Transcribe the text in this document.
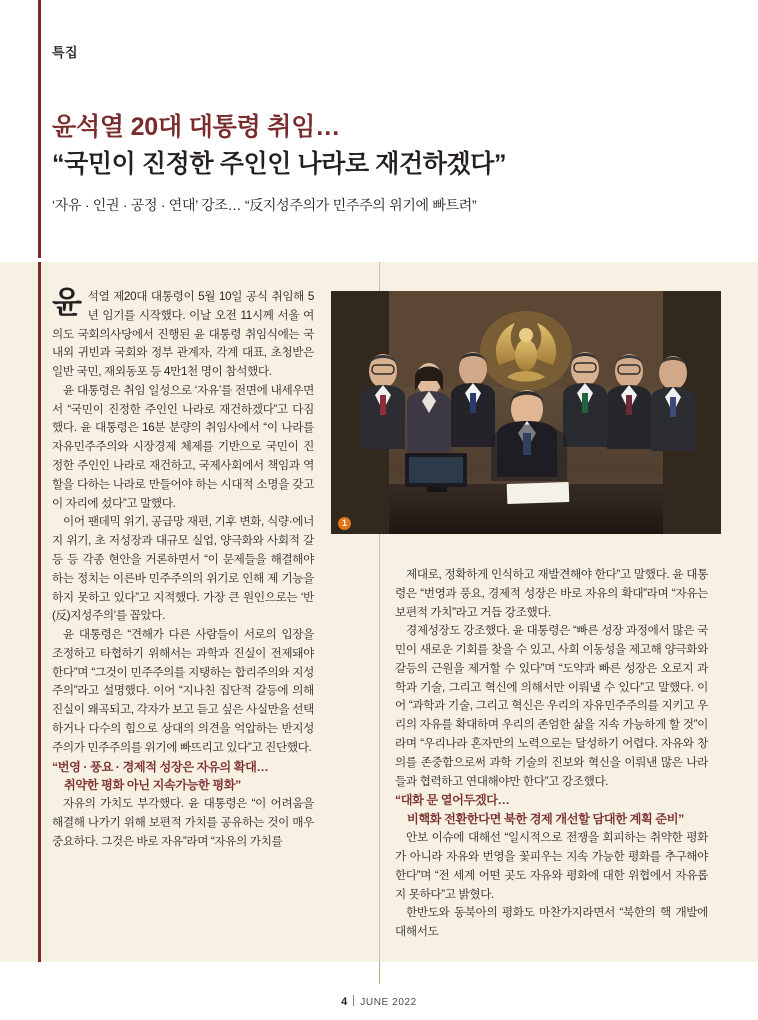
특집
윤석열 20대 대통령 취임…
“국민이 진정한 주인인 나라로 재건하겠다”
‘자유 · 인권 · 공정 · 연대’ 강조… “反지성주의가 민주주의 위기에 빠트려”
1

윤 석열 제20대 대통령이 5월 10일 공식 취임해 5년 임기를 시작했다. 이날 오전 11시께 서울 여의도 국회의사당에서 진행된 윤 대통령 취임식에는 국내외 귀빈과 국회와 정부 관계자, 각계 대표, 초청받은 일반 국민, 재외동포 등 4만1천 명이 참석했다.

윤 대통령은 취임 일성으로 ‘자유’를 전면에 내세우면서 “국민이 진정한 주인인 나라로 재건하겠다”고 다짐했다. 윤 대통령은 16분 분량의 취임사에서 “이 나라를 자유민주주의와 시장경제 체제를 기반으로 국민이 진정한 주인인 나라로 재건하고, 국제사회에서 책임과 역할을 다하는 나라로 만들어야 하는 시대적 소명을 갖고 이 자리에 섰다”고 말했다.

이어 팬데믹 위기, 공급망 재편, 기후 변화, 식량·에너지 위기, 초 저성장과 대규모 실업, 양극화와 사회적 갈등 등 각종 현안을 거론하면서 “이 문제들을 해결해야 하는 정치는 이른바 민주주의의 위기로 인해 제 기능을 하지 못하고 있다”고 지적했다. 가장 큰 원인으로는 ‘반(反)지성주의’를 꼽았다.

윤 대통령은 “견해가 다른 사람들이 서로의 입장을 조정하고 타협하기 위해서는 과학과 진실이 전제돼야 한다”며 “그것이 민주주의를 지탱하는 합리주의와 지성주의”라고 설명했다. 이어 “지나친 집단적 갈등에 의해 진실이 왜곡되고, 각자가 보고 듣고 싶은 사실만을 선택하거나 다수의 힘으로 상대의 의견을 억압하는 반지성주의가 민주주의를 위기에 빠뜨리고 있다”고 진단했다.

“번영 · 풍요 · 경제적 성장은 자유의 확대…
취약한 평화 아닌 지속가능한 평화”

자유의 가치도 부각했다. 윤 대통령은 “이 어려움을 해결해 나가기 위해 보편적 가치를 공유하는 것이 매우 중요하다. 그것은 바로 자유”라며 “자유의 가치를

제대로, 정확하게 인식하고 재발견해야 한다”고 말했다. 윤 대통령은 “번영과 풍요, 경제적 성장은 바로 자유의 확대”라며 “자유는 보편적 가치”라고 거듭 강조했다.

경제성장도 강조했다. 윤 대통령은 “빠른 성장 과정에서 많은 국민이 새로운 기회를 찾을 수 있고, 사회 이동성을 제고해 양극화와 갈등의 근원을 제거할 수 있다”며 “도약과 빠른 성장은 오로지 과학과 기술, 그리고 혁신에 의해서만 이뤄낼 수 있다”고 말했다. 이어 “과학과 기술, 그리고 혁신은 우리의 자유민주주의를 지키고 우리의 자유를 확대하며 우리의 존엄한 삶을 지속 가능하게 할 것”이라며 “우리나라 혼자만의 노력으로는 달성하기 어렵다. 자유와 창의를 존중함으로써 과학 기술의 진보와 혁신을 이뤄낸 많은 나라들과 협력하고 연대해야만 한다”고 강조했다.

“대화 문 열어두겠다…
비핵화 전환한다면 북한 경제 개선할 담대한 계획 준비”

안보 이슈에 대해선 “일시적으로 전쟁을 회피하는 취약한 평화가 아니라 자유와 번영을 꽃피우는 지속 가능한 평화를 추구해야 한다”며 “전 세계 어떤 곳도 자유와 평화에 대한 위협에서 자유롭지 못하다”고 밝혔다.

한반도와 동북아의 평화도 마찬가지라면서 “북한의 핵 개발에 대해서도

4 JUNE 2022
